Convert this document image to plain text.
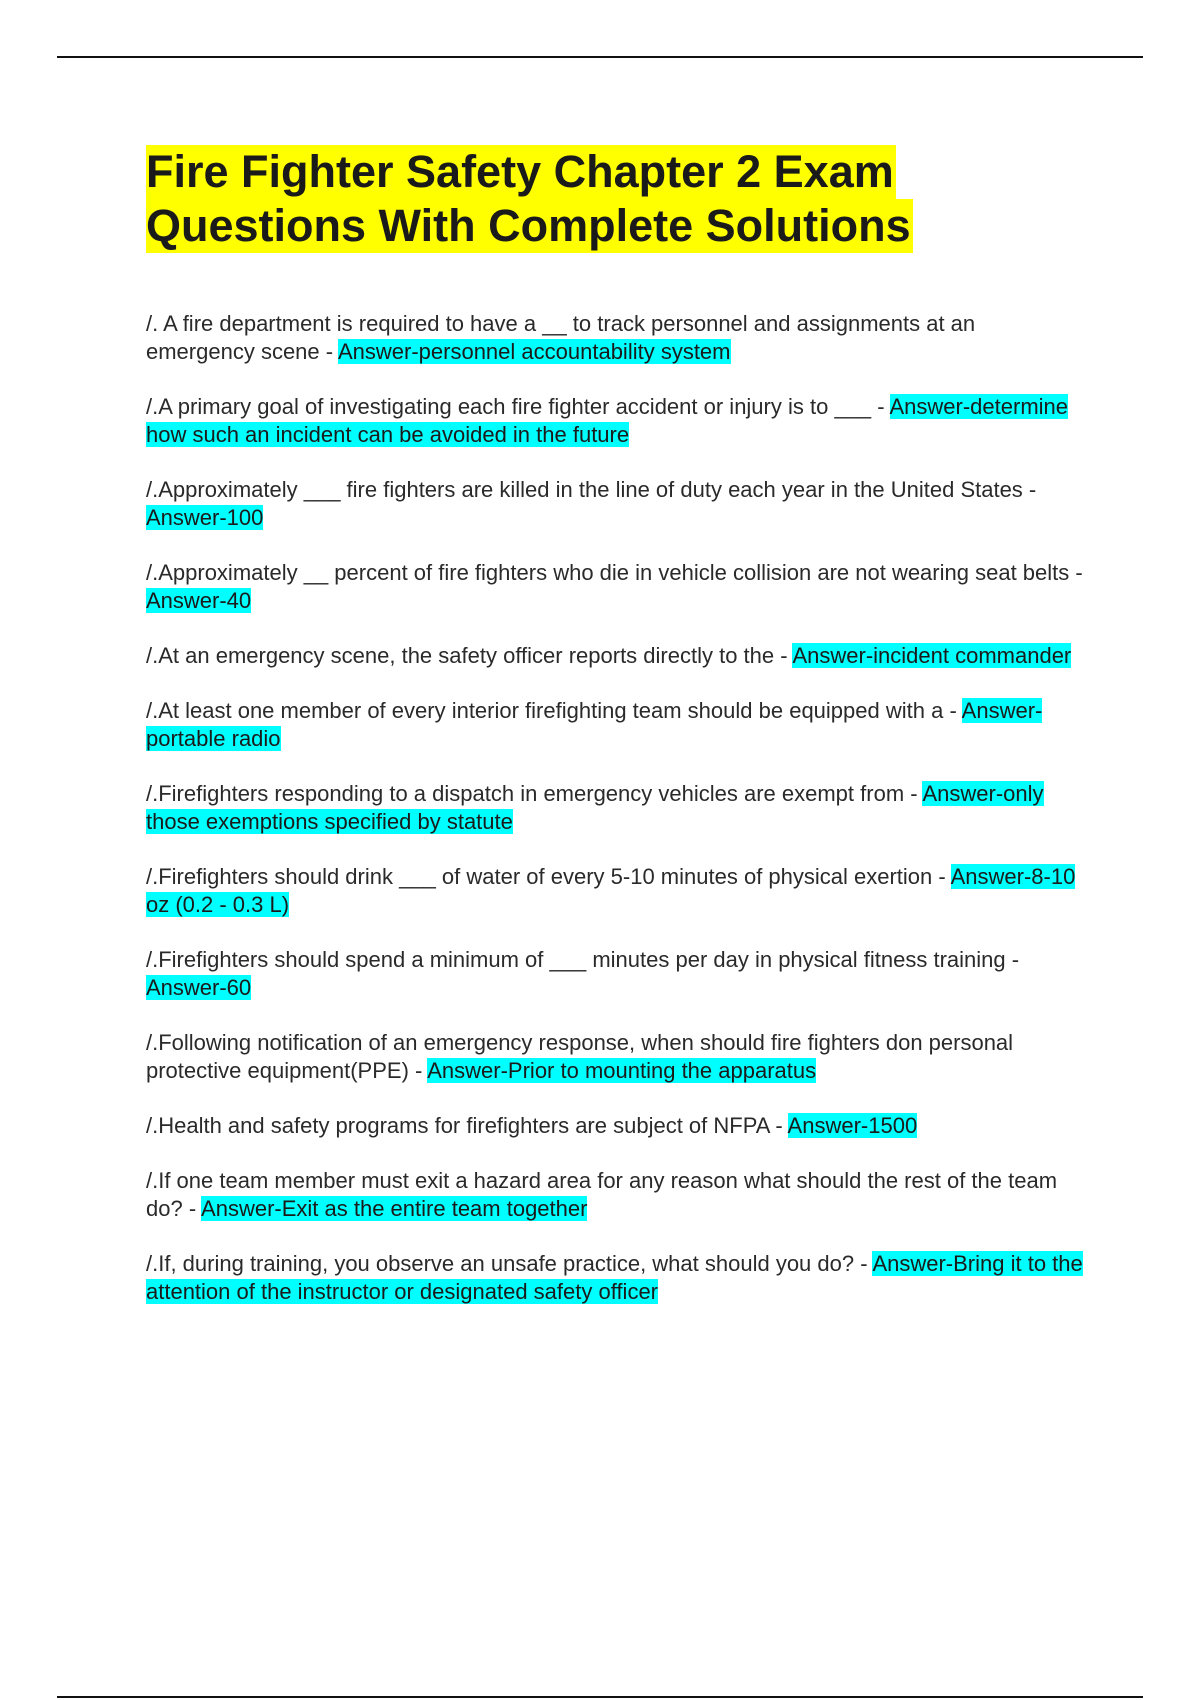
Fire Fighter Safety Chapter 2 Exam
Questions With Complete Solutions
/. A fire department is required to have a __ to track personnel and assignments at an emergency scene - Answer-personnel accountability system
/.A primary goal of investigating each fire fighter accident or injury is to ___ - Answer-determine how such an incident can be avoided in the future
/.Approximately ___ fire fighters are killed in the line of duty each year in the United States - Answer-100
/.Approximately __ percent of fire fighters who die in vehicle collision are not wearing seat belts - Answer-40
/.At an emergency scene, the safety officer reports directly to the - Answer-incident commander
/.At least one member of every interior firefighting team should be equipped with a - Answer-portable radio
/.Firefighters responding to a dispatch in emergency vehicles are exempt from - Answer-only those exemptions specified by statute
/.Firefighters should drink ___ of water of every 5-10 minutes of physical exertion - Answer-8-10 oz (0.2 - 0.3 L)
/.Firefighters should spend a minimum of ___ minutes per day in physical fitness training - Answer-60
/.Following notification of an emergency response, when should fire fighters don personal protective equipment(PPE) - Answer-Prior to mounting the apparatus
/.Health and safety programs for firefighters are subject of NFPA - Answer-1500
/.If one team member must exit a hazard area for any reason what should the rest of the team do? - Answer-Exit as the entire team together
/.If, during training, you observe an unsafe practice, what should you do? - Answer-Bring it to the attention of the instructor or designated safety officer
